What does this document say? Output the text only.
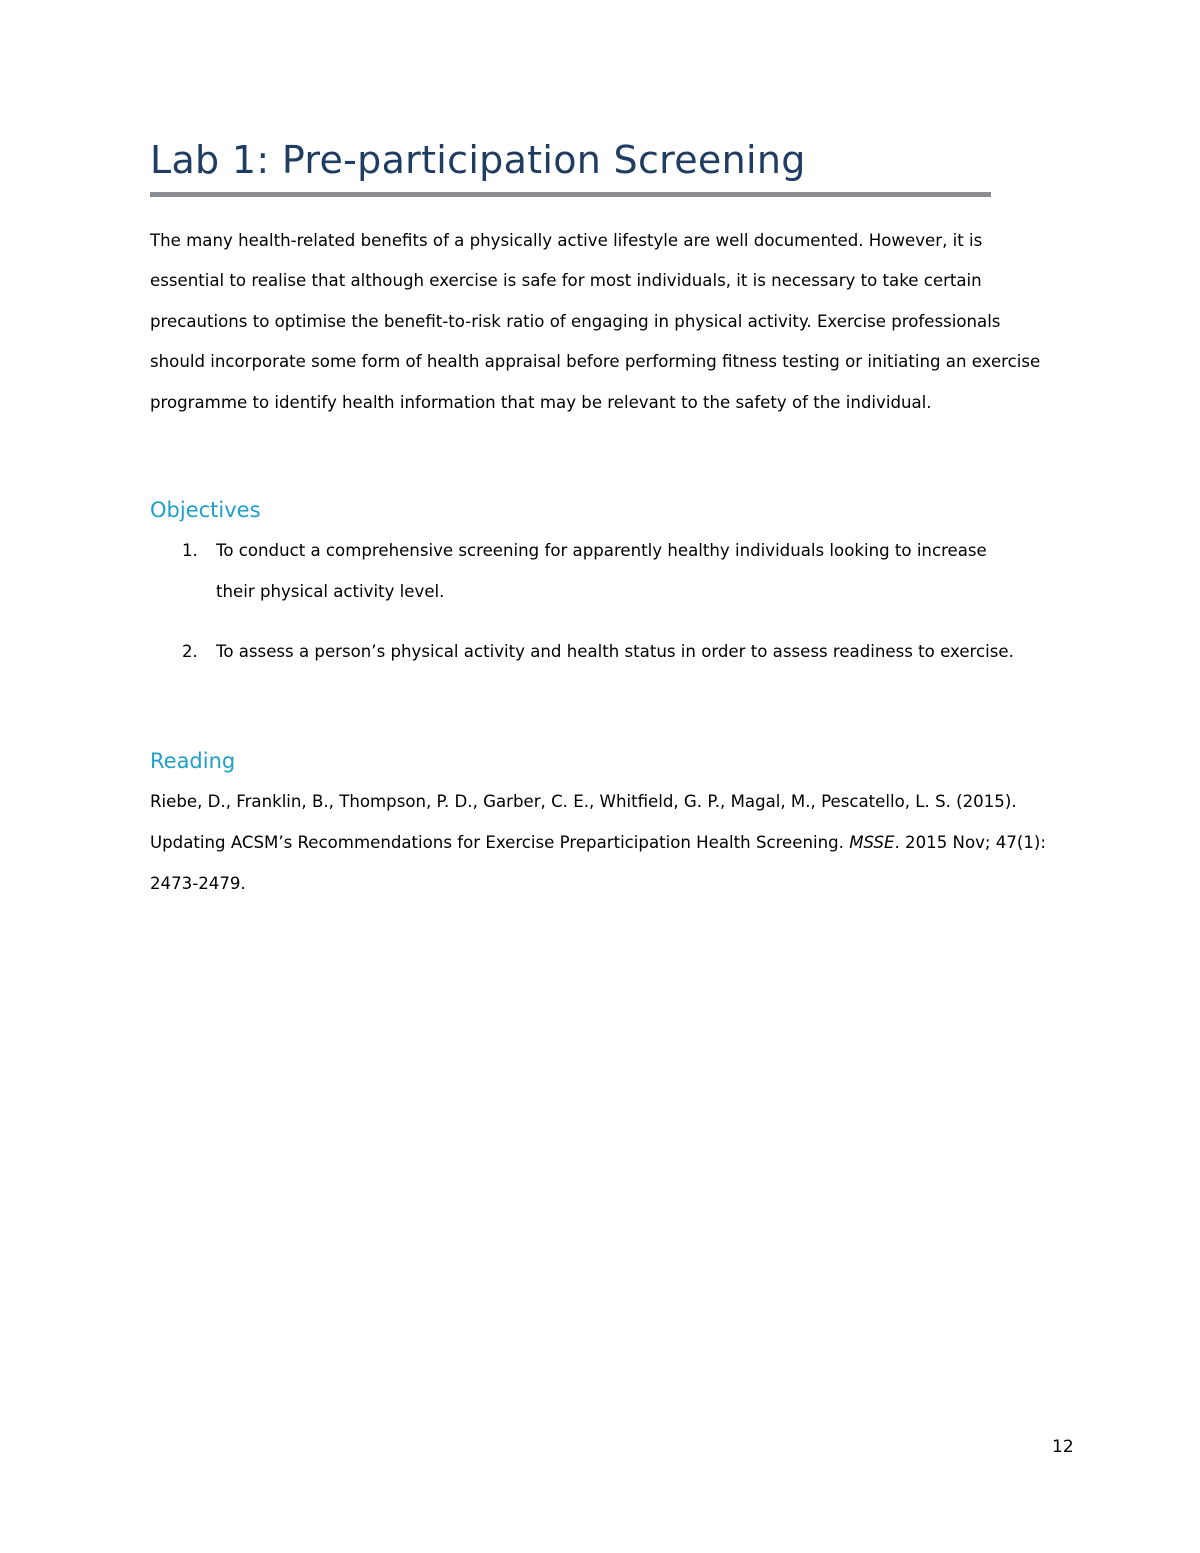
Lab 1: Pre-participation Screening

The many health-related benefits of a physically active lifestyle are well documented. However, it is essential to realise that although exercise is safe for most individuals, it is necessary to take certain precautions to optimise the benefit-to-risk ratio of engaging in physical activity. Exercise professionals should incorporate some form of health appraisal before performing fitness testing or initiating an exercise programme to identify health information that may be relevant to the safety of the individual.

Objectives
1. To conduct a comprehensive screening for apparently healthy individuals looking to increase their physical activity level.
2. To assess a person’s physical activity and health status in order to assess readiness to exercise.
Reading

Riebe, D., Franklin, B., Thompson, P. D., Garber, C. E., Whitfield, G. P., Magal, M., Pescatello, L. S. (2015). Updating ACSM’s Recommendations for Exercise Preparticipation Health Screening. MSSE. 2015 Nov; 47(1): 2473-2479.

12
